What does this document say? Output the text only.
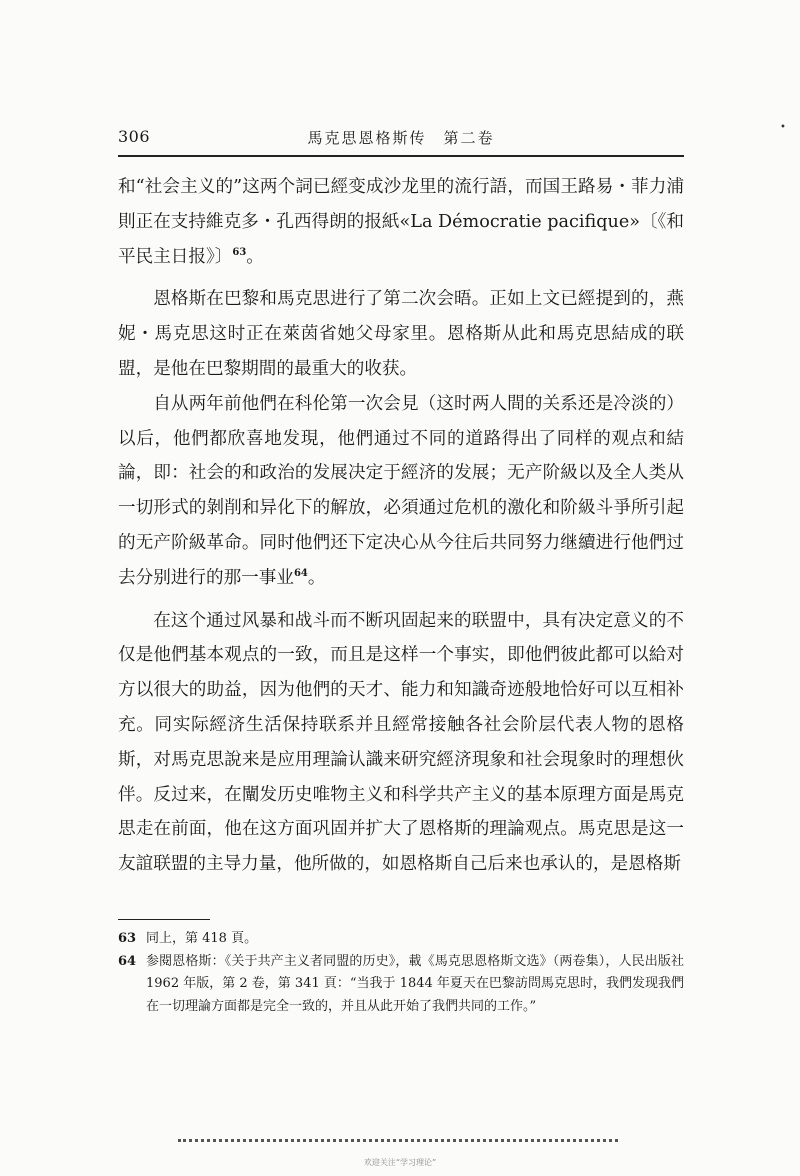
306	馬克思恩格斯传　第二卷
•

和“社会主义的”这两个詞已經变成沙龙里的流行語，而国王路易・菲力浦則正在支持維克多・孔西得朗的报紙«La Démocratie pacifique»〔《和平民主日报》〕$^{63}$。

恩格斯在巴黎和馬克思进行了第二次会晤。正如上文已經提到的，燕妮・馬克思这时正在萊茵省她父母家里。恩格斯从此和馬克思結成的联盟，是他在巴黎期間的最重大的收获。

自从两年前他們在科伦第一次会見（这时两人間的关系还是冷淡的）以后，他們都欣喜地发現，他們通过不同的道路得出了同样的观点和結論，即：社会的和政治的发展决定于經济的发展；无产阶級以及全人类从一切形式的剝削和异化下的解放，必須通过危机的激化和阶級斗爭所引起的无产阶級革命。同时他們还下定决心从今往后共同努力继續进行他們过去分别进行的那一事业$^{64}$。

在这个通过风暴和战斗而不断巩固起来的联盟中，具有决定意义的不仅是他們基本观点的一致，而且是这样一个事实，即他們彼此都可以給对方以很大的助益，因为他們的天才、能力和知識奇迹般地恰好可以互相补充。同实际經济生活保持联系并且經常接触各社会阶层代表人物的恩格斯，对馬克思說来是应用理論认識来研究經济現象和社会現象时的理想伙伴。反过来，在闡发历史唯物主义和科学共产主义的基本原理方面是馬克思走在前面，他在这方面巩固并扩大了恩格斯的理論观点。馬克思是这一友誼联盟的主导力量，他所做的，如恩格斯自己后来也承认的，是恩格斯

63 同上，第 418 頁。
64 参閱恩格斯：《关于共产主义者同盟的历史》，載《馬克思恩格斯文选》（两卷集），人民出版社 1962 年版，第 2 卷，第 341 頁：“当我于 1844 年夏天在巴黎訪問馬克思时，我們发现我們在一切理論方面都是完全一致的，并且从此开始了我們共同的工作。”
欢迎关注“学习理论”
